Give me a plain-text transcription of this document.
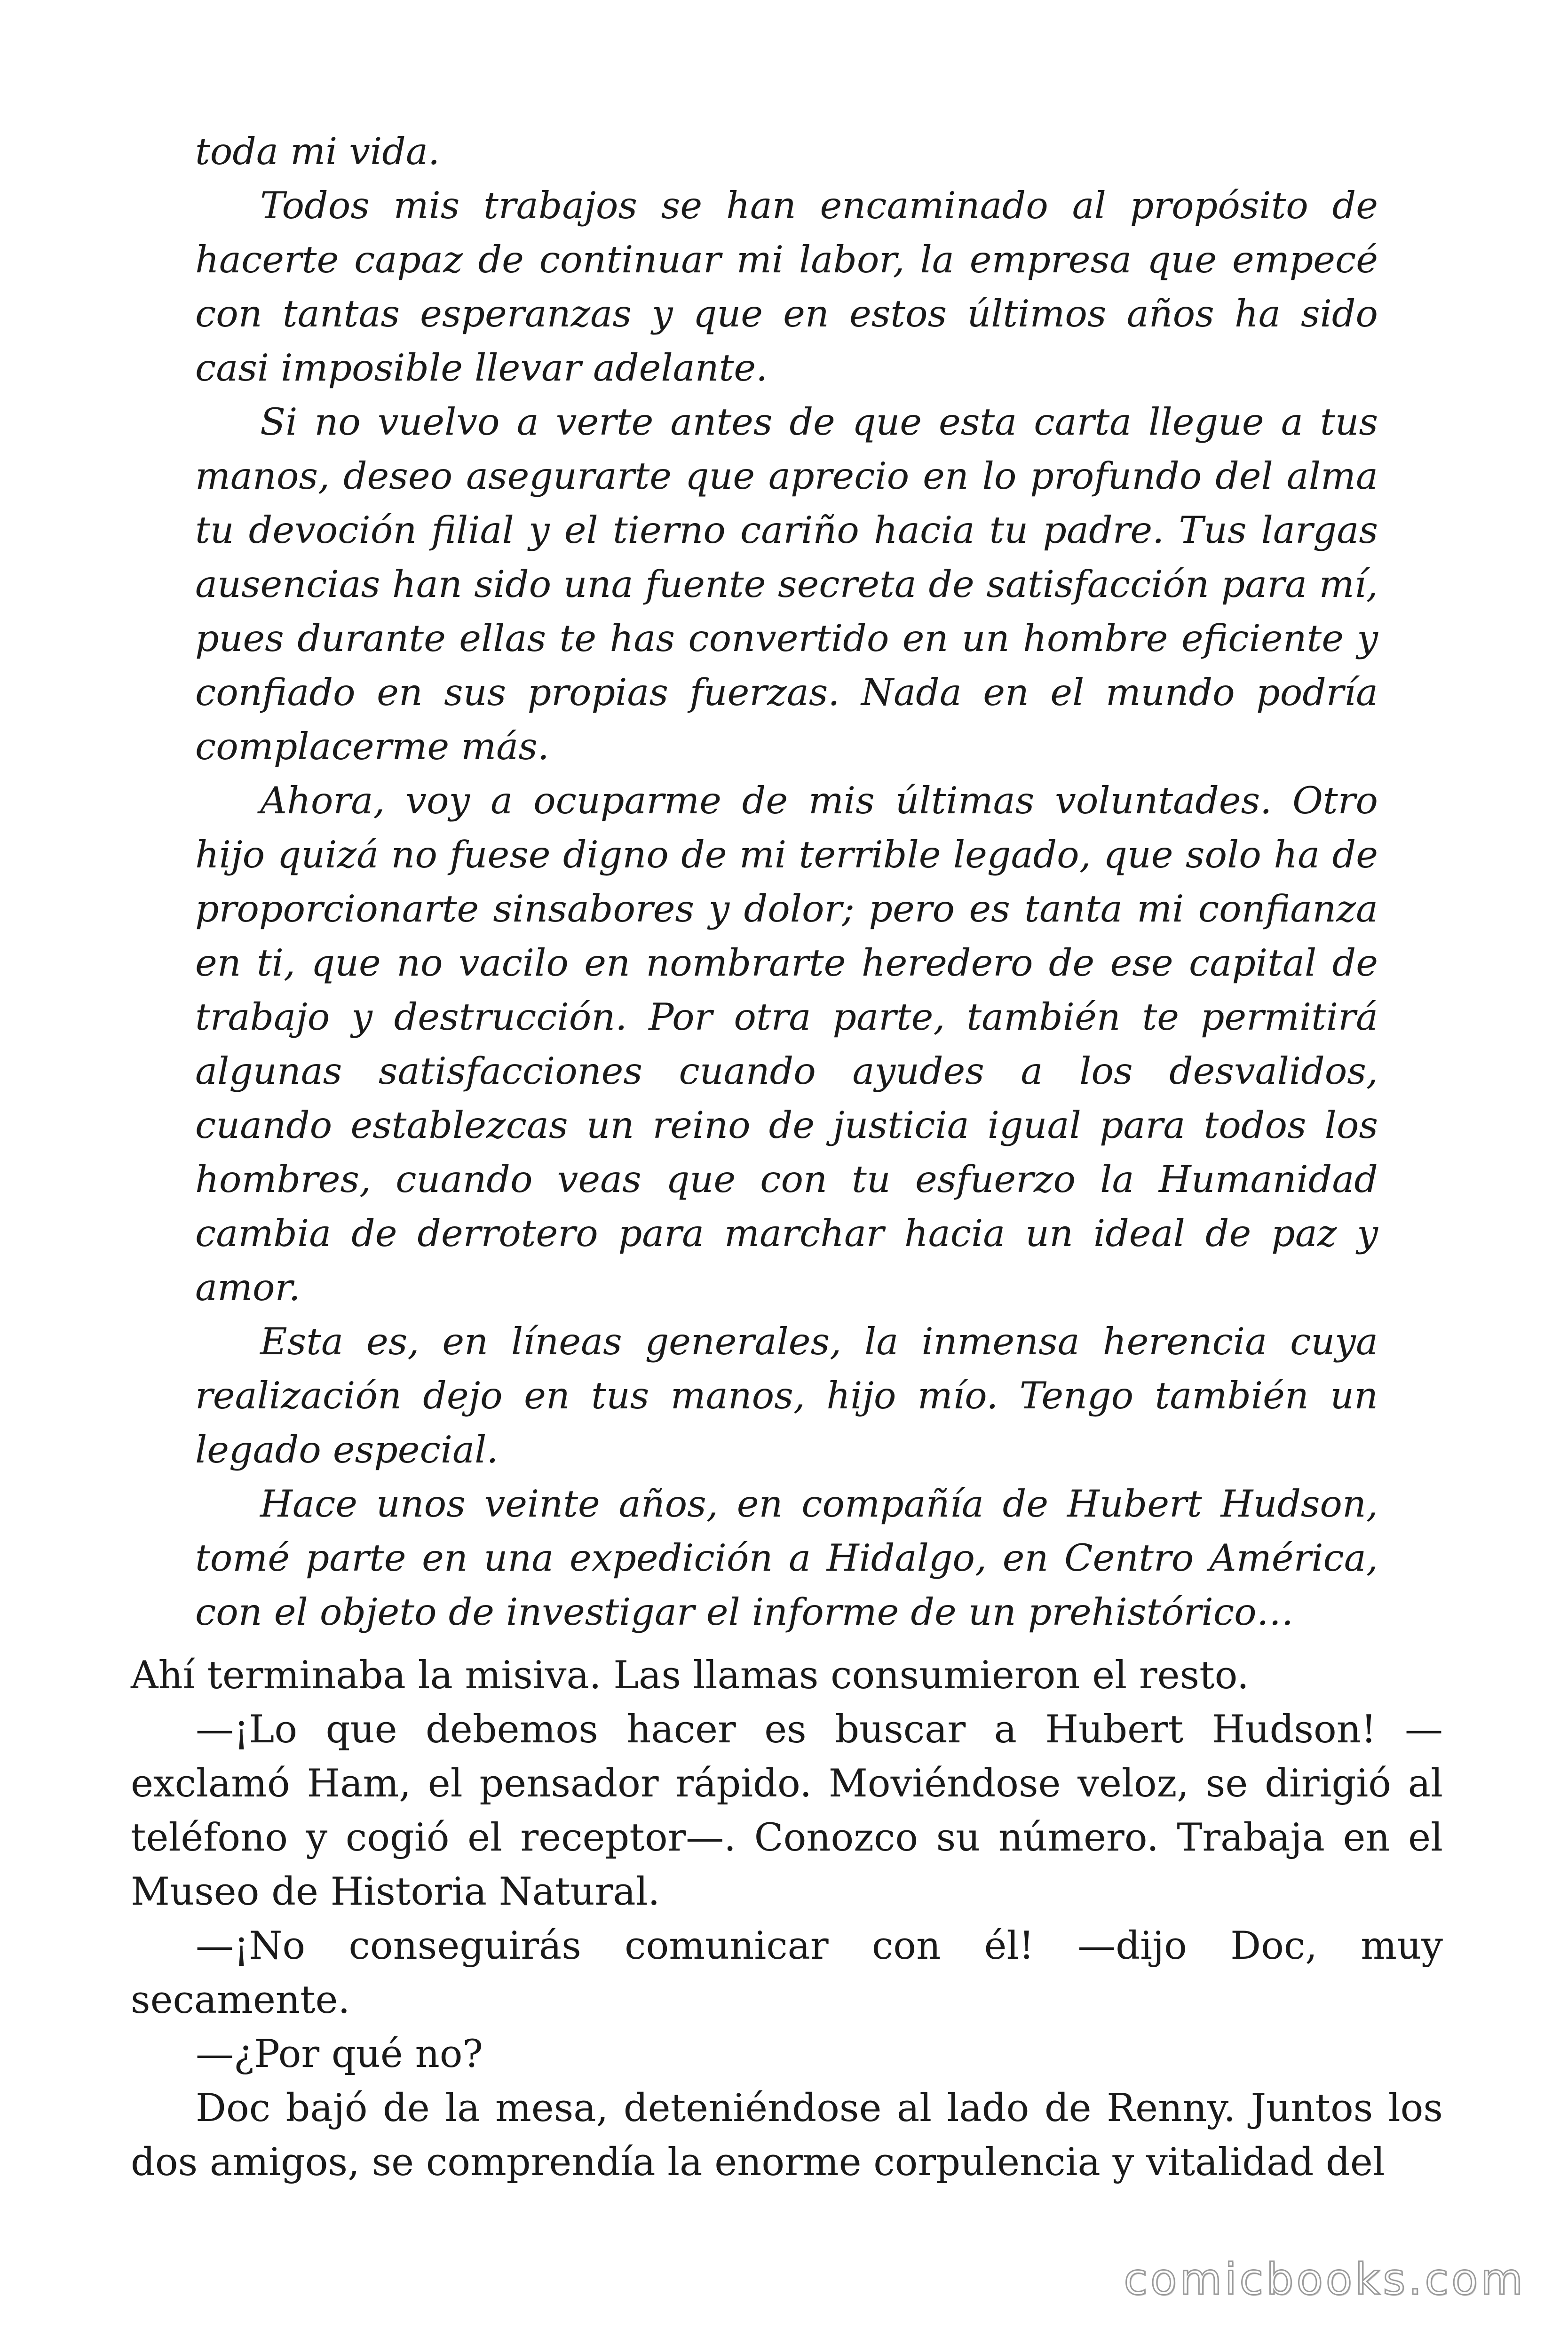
toda mi vida.

Todos mis trabajos se han encaminado al propósito de hacerte capaz de continuar mi labor, la empresa que empecé con tantas esperanzas y que en estos últimos años ha sido casi imposible llevar adelante.

Si no vuelvo a verte antes de que esta carta llegue a tus manos, deseo asegurarte que aprecio en lo profundo del alma tu devoción filial y el tierno cariño hacia tu padre. Tus largas ausencias han sido una fuente secreta de satisfacción para mí, pues durante ellas te has convertido en un hombre eficiente y confiado en sus propias fuerzas. Nada en el mundo podría complacerme más.

Ahora, voy a ocuparme de mis últimas voluntades. Otro hijo quizá no fuese digno de mi terrible legado, que solo ha de proporcionarte sinsabores y dolor; pero es tanta mi confianza en ti, que no vacilo en nombrarte heredero de ese capital de trabajo y destrucción. Por otra parte, también te permitirá algunas satisfacciones cuando ayudes a los desvalidos, cuando establezcas un reino de justicia igual para todos los hombres, cuando veas que con tu esfuerzo la Humanidad cambia de derrotero para marchar hacia un ideal de paz y amor.

Esta es, en líneas generales, la inmensa herencia cuya realización dejo en tus manos, hijo mío. Tengo también un legado especial.

Hace unos veinte años, en compañía de Hubert Hudson, tomé parte en una expedición a Hidalgo, en Centro América, con el objeto de investigar el informe de un prehistórico…

Ahí terminaba la misiva. Las llamas consumieron el resto.

—¡Lo que debemos hacer es buscar a Hubert Hudson! —exclamó Ham, el pensador rápido. Moviéndose veloz, se dirigió al teléfono y cogió el receptor—. Conozco su número. Trabaja en el Museo de Historia Natural.

—¡No conseguirás comunicar con él! —dijo Doc, muy secamente.

—¿Por qué no?

Doc bajó de la mesa, deteniéndose al lado de Renny. Juntos los dos amigos, se comprendía la enorme corpulencia y vitalidad del

comicbooks.com
